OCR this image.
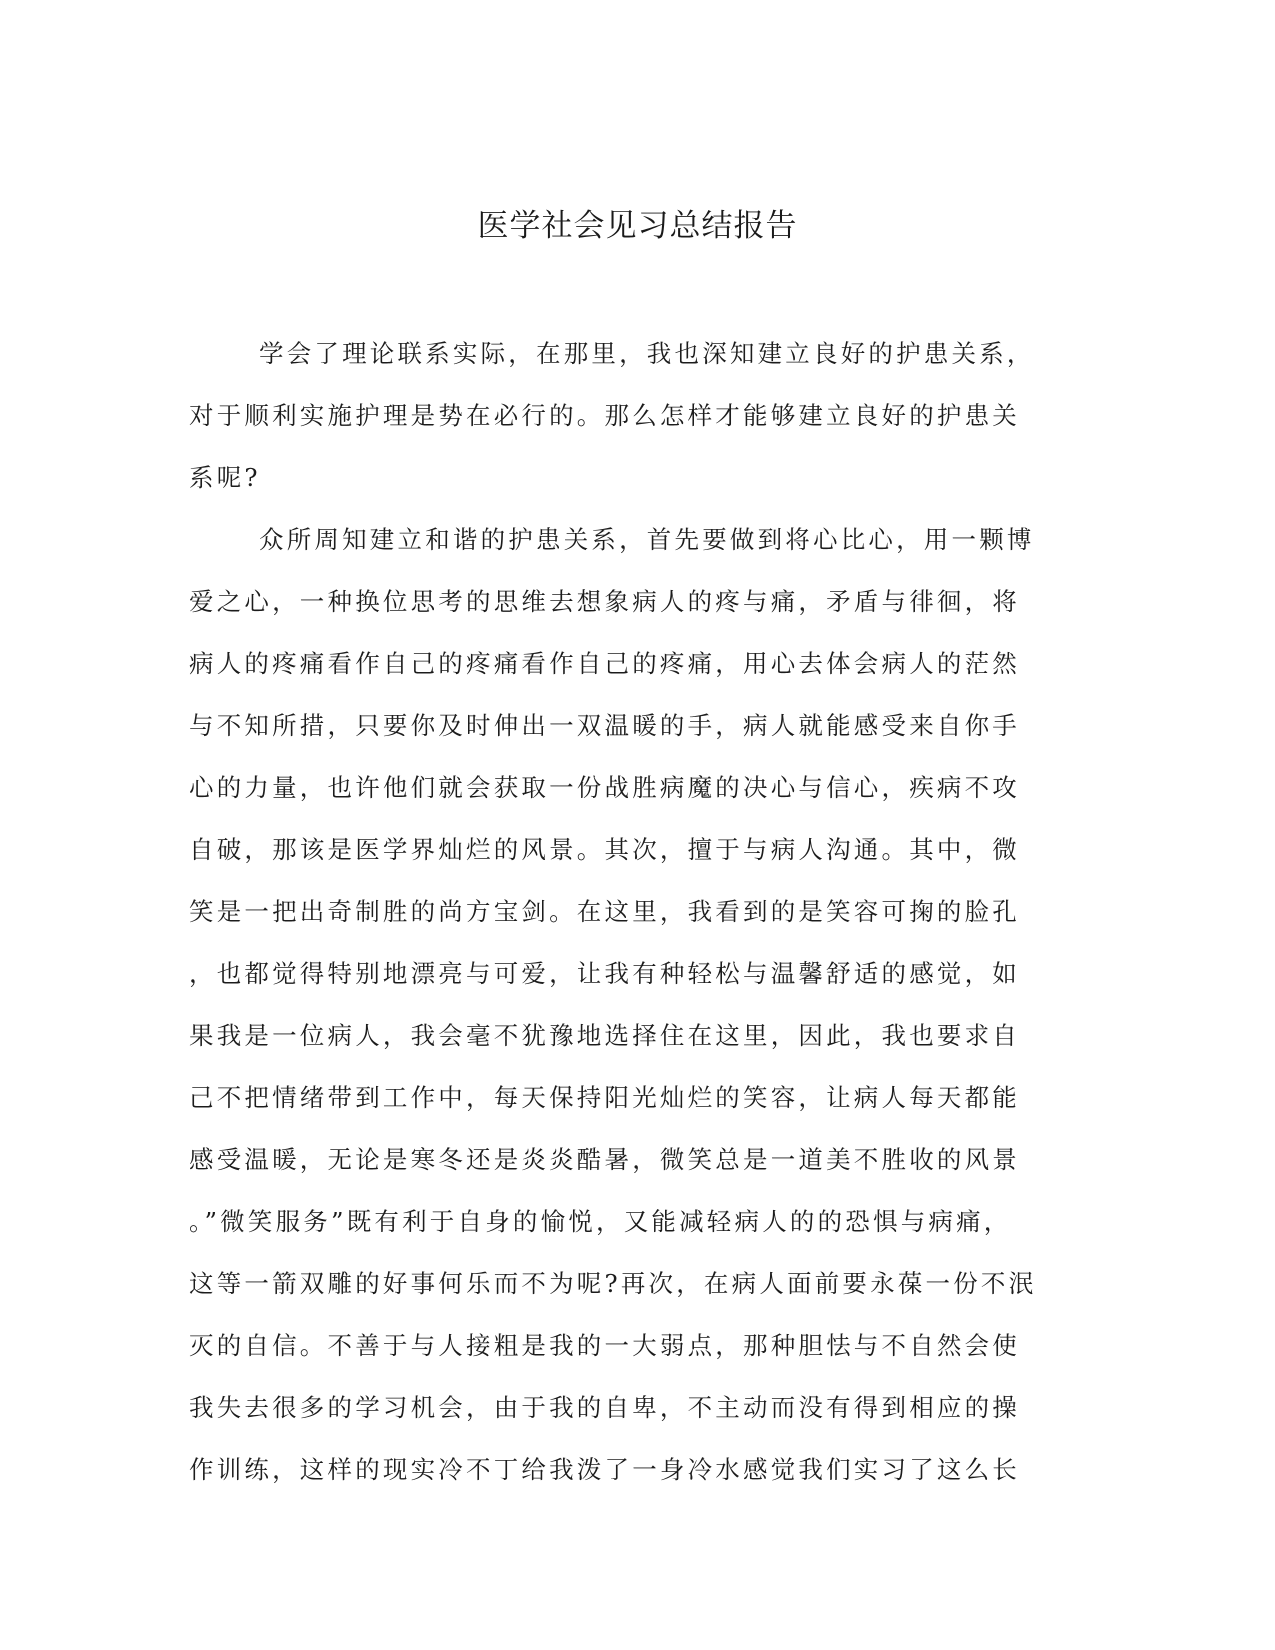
医学社会见习总结报告
学会了理论联系实际，在那里，我也深知建立良好的护患关系，
对于顺利实施护理是势在必行的。那么怎样才能够建立良好的护患关
系呢?
众所周知建立和谐的护患关系，首先要做到将心比心，用一颗博
爱之心，一种换位思考的思维去想象病人的疼与痛，矛盾与徘徊，将
病人的疼痛看作自己的疼痛看作自己的疼痛，用心去体会病人的茫然
与不知所措，只要你及时伸出一双温暖的手，病人就能感受来自你手
心的力量，也许他们就会获取一份战胜病魔的决心与信心，疾病不攻
自破，那该是医学界灿烂的风景。其次，擅于与病人沟通。其中，微
笑是一把出奇制胜的尚方宝剑。在这里，我看到的是笑容可掬的脸孔
，也都觉得特别地漂亮与可爱，让我有种轻松与温馨舒适的感觉，如
果我是一位病人，我会毫不犹豫地选择住在这里，因此，我也要求自
己不把情绪带到工作中，每天保持阳光灿烂的笑容，让病人每天都能
感受温暖，无论是寒冬还是炎炎酷暑，微笑总是一道美不胜收的风景
。”微笑服务”既有利于自身的愉悦，又能减轻病人的的恐惧与病痛，
这等一箭双雕的好事何乐而不为呢?再次，在病人面前要永葆一份不泯
灭的自信。不善于与人接粗是我的一大弱点，那种胆怯与不自然会使
我失去很多的学习机会，由于我的自卑，不主动而没有得到相应的操
作训练，这样的现实冷不丁给我泼了一身冷水感觉我们实习了这么长
